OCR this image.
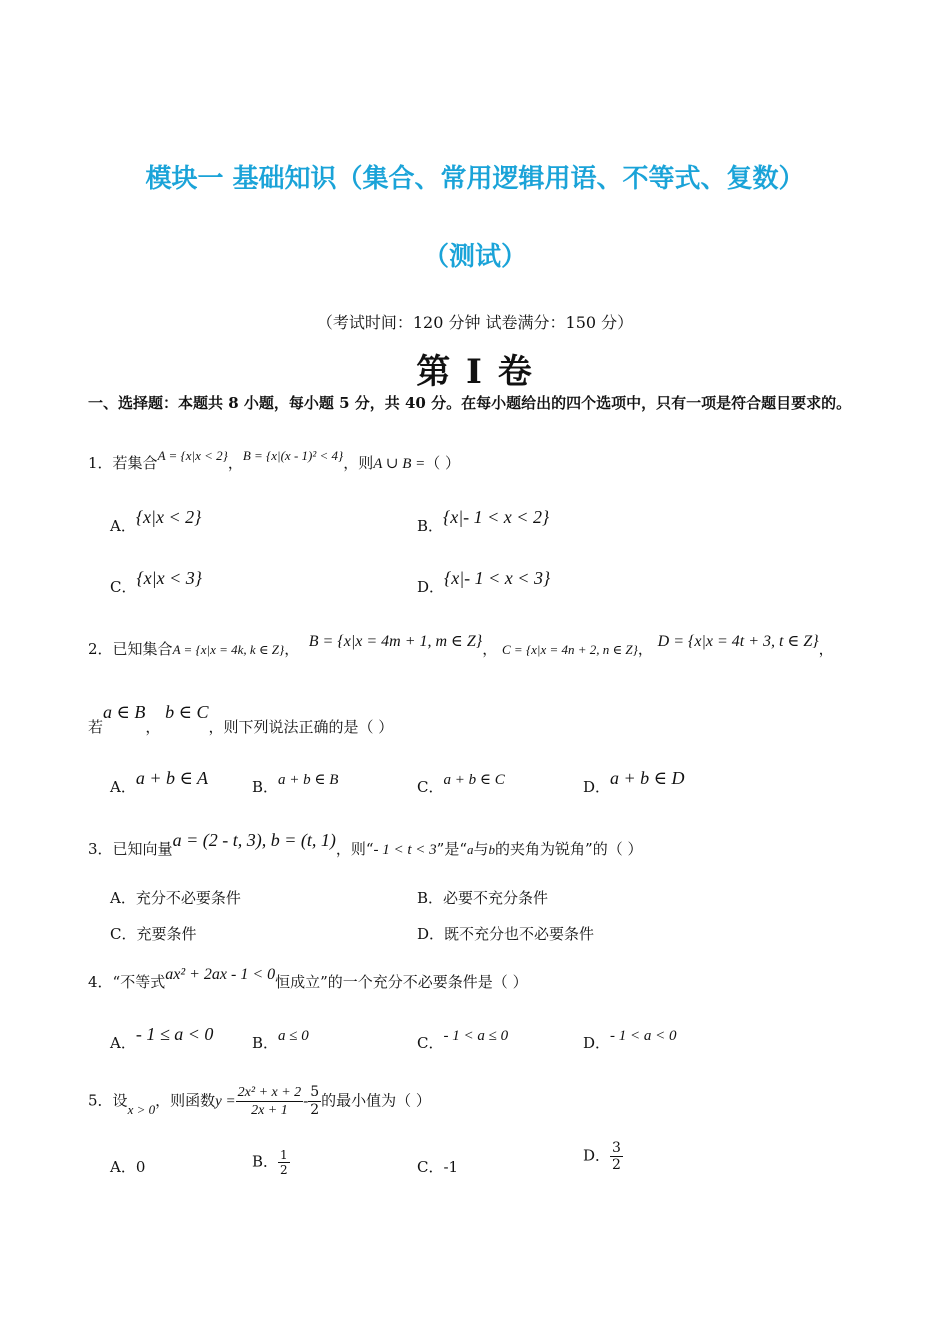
模块一 基础知识（集合、常用逻辑用语、不等式、复数）
（测试）
（考试时间：120 分钟 试卷满分：150 分）
第 I 卷
一、选择题：本题共 8 小题，每小题 5 分，共 40 分。在每小题给出的四个选项中，只有一项是符合题目要求的。
1．若集合A = {x|x < 2}，B = {x|(x - 1)² < 4}，则A ∪ B =（ ）
A．{x|x < 2}	B．{x|- 1 < x < 2}
C．{x|x < 3}	D．{x|- 1 < x < 3}
2．已知集合A = {x|x = 4k, k ∈ Z}， B = {x|x = 4m + 1, m ∈ Z}， C = {x|x = 4n + 2, n ∈ Z}， D = {x|x = 4t + 3, t ∈ Z}，
若a ∈ B， b ∈ C，则下列说法正确的是（ ）
A．a + b ∈ A	B．a + b ∈ B	C．a + b ∈ C	D．a + b ∈ D
3．已知向量a = (2 - t, 3), b = (t, 1)，则“- 1 < t < 3”是“a与b的夹角为锐角”的（ ）
A．充分不必要条件	B．必要不充分条件
C．充要条件	D．既不充分也不必要条件
4．“不等式ax² + 2ax - 1 < 0恒成立”的一个充分不必要条件是（ ）
A．- 1 ≤ a < 0	B．a ≤ 0	C．- 1 < a ≤ 0	D．- 1 < a < 0
5．设x > 0，则函数$y = \frac{\text{2x² + x + 2}}{2x + 1} - \frac{5}{2}$ 的最小值为（ ）
A．0	B． $\frac{1}{2}$	C．-1
D． $\frac{3}{2}$
